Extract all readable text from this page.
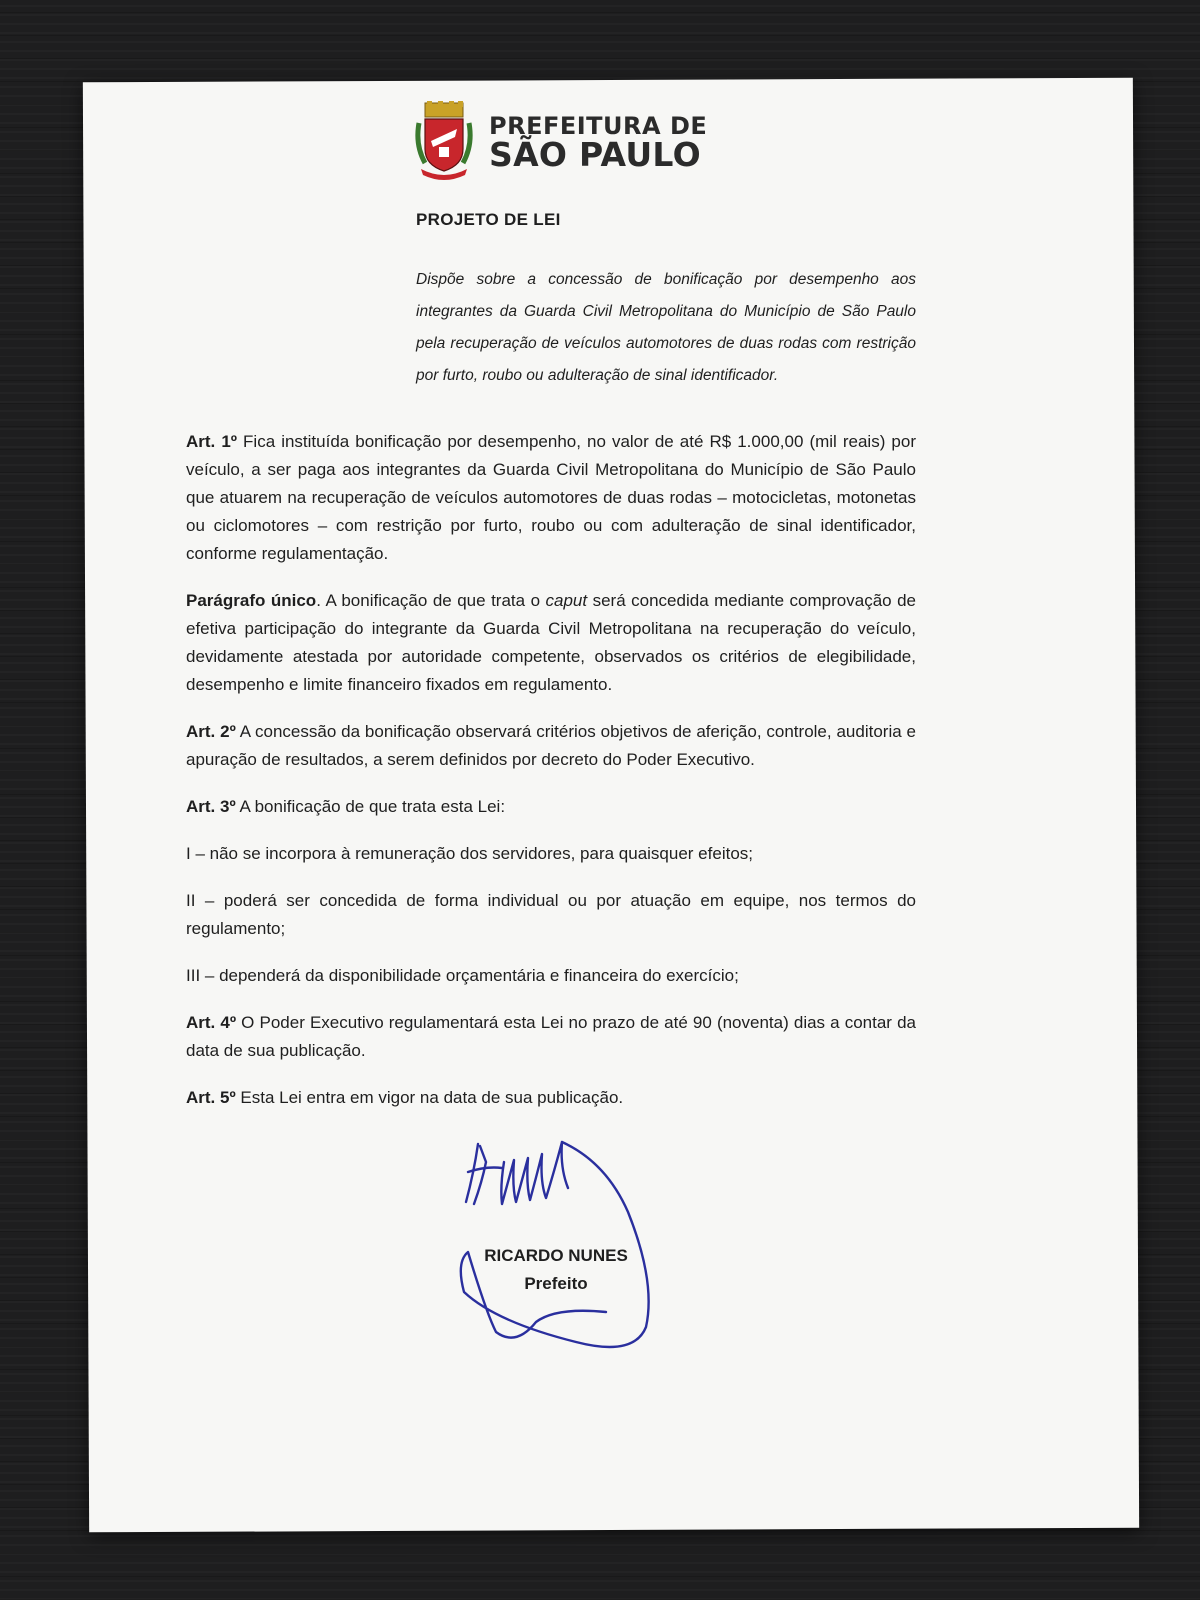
PREFEITURA DE
SÃO PAULO
PROJETO DE LEI
Dispõe sobre a concessão de bonificação por desempenho aos integrantes da Guarda Civil Metropolitana do Município de São Paulo pela recuperação de veículos automotores de duas rodas com restrição por furto, roubo ou adulteração de sinal identificador.

Art. 1º Fica instituída bonificação por desempenho, no valor de até R$ 1.000,00 (mil reais) por veículo, a ser paga aos integrantes da Guarda Civil Metropolitana do Município de São Paulo que atuarem na recuperação de veículos automotores de duas rodas – motocicletas, motonetas ou ciclomotores – com restrição por furto, roubo ou com adulteração de sinal identificador, conforme regulamentação.

Parágrafo único. A bonificação de que trata o caput será concedida mediante comprovação de efetiva participação do integrante da Guarda Civil Metropolitana na recuperação do veículo, devidamente atestada por autoridade competente, observados os critérios de elegibilidade, desempenho e limite financeiro fixados em regulamento.

Art. 2º A concessão da bonificação observará critérios objetivos de aferição, controle, auditoria e apuração de resultados, a serem definidos por decreto do Poder Executivo.

Art. 3º A bonificação de que trata esta Lei:

I – não se incorpora à remuneração dos servidores, para quaisquer efeitos;

II – poderá ser concedida de forma individual ou por atuação em equipe, nos termos do regulamento;

III – dependerá da disponibilidade orçamentária e financeira do exercício;

Art. 4º O Poder Executivo regulamentará esta Lei no prazo de até 90 (noventa) dias a contar da data de sua publicação.

Art. 5º Esta Lei entra em vigor na data de sua publicação.

RICARDO NUNES
Prefeito
